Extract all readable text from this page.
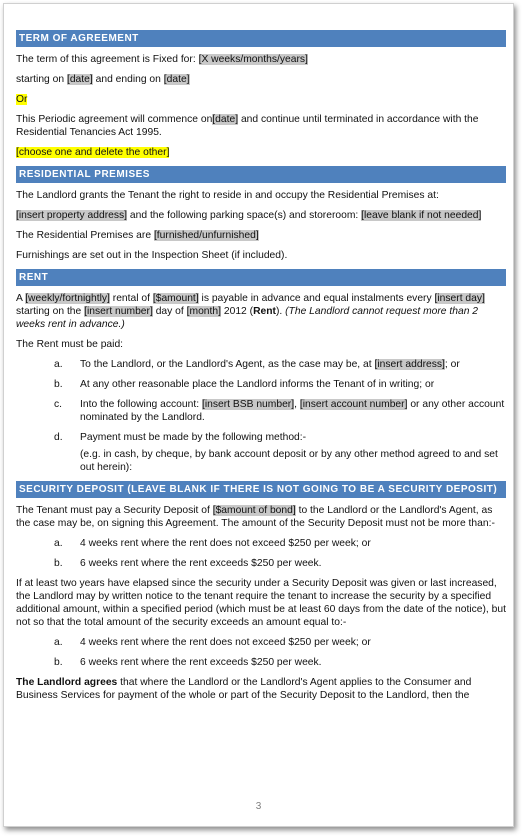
TERM OF AGREEMENT

The term of this agreement is Fixed for: [X weeks/months/years]

starting on [date] and ending on [date]

Or

This Periodic agreement will commence on[date] and continue until terminated in accordance with the Residential Tenancies Act 1995.

[choose one and delete the other]

RESIDENTIAL PREMISES

The Landlord grants the Tenant the right to reside in and occupy the Residential Premises at:

[insert property address] and the following parking space(s) and storeroom: [leave blank if not needed]

The Residential Premises are [furnished/unfurnished]

Furnishings are set out in the Inspection Sheet (if included).

RENT

A [weekly/fortnightly] rental of [$amount] is payable in advance and equal instalments every [insert day] starting on the [insert number] day of [month] 2012 (Rent). (The Landlord cannot request more than 2 weeks rent in advance.)

The Rent must be paid:

a.	To the Landlord, or the Landlord's Agent, as the case may be, at [insert address]; or
b.	At any other reasonable place the Landlord informs the Tenant of in writing; or
c.	Into the following account: [insert BSB number], [insert account number] or any other account nominated by the Landlord.
d.	Payment must be made by the following method:-

(e.g. in cash, by cheque, by bank account deposit or by any other method agreed to and set out herein):

SECURITY DEPOSIT (LEAVE BLANK IF THERE IS NOT GOING TO BE A SECURITY DEPOSIT)

The Tenant must pay a Security Deposit of [$amount of bond] to the Landlord or the Landlord's Agent, as the case may be, on signing this Agreement. The amount of the Security Deposit must not be more than:-

a.	4 weeks rent where the rent does not exceed $250 per week; or
b.	6 weeks rent where the rent exceeds $250 per week.

If at least two years have elapsed since the security under a Security Deposit was given or last increased, the Landlord may by written notice to the tenant require the tenant to increase the security by a specified additional amount, within a specified period (which must be at least 60 days from the date of the notice), but not so that the total amount of the security exceeds an amount equal to:-

a.	4 weeks rent where the rent does not exceed $250 per week; or
b.	6 weeks rent where the rent exceeds $250 per week.

The Landlord agrees that where the Landlord or the Landlord's Agent applies to the Consumer and Business Services for payment of the whole or part of the Security Deposit to the Landlord, then the

3
